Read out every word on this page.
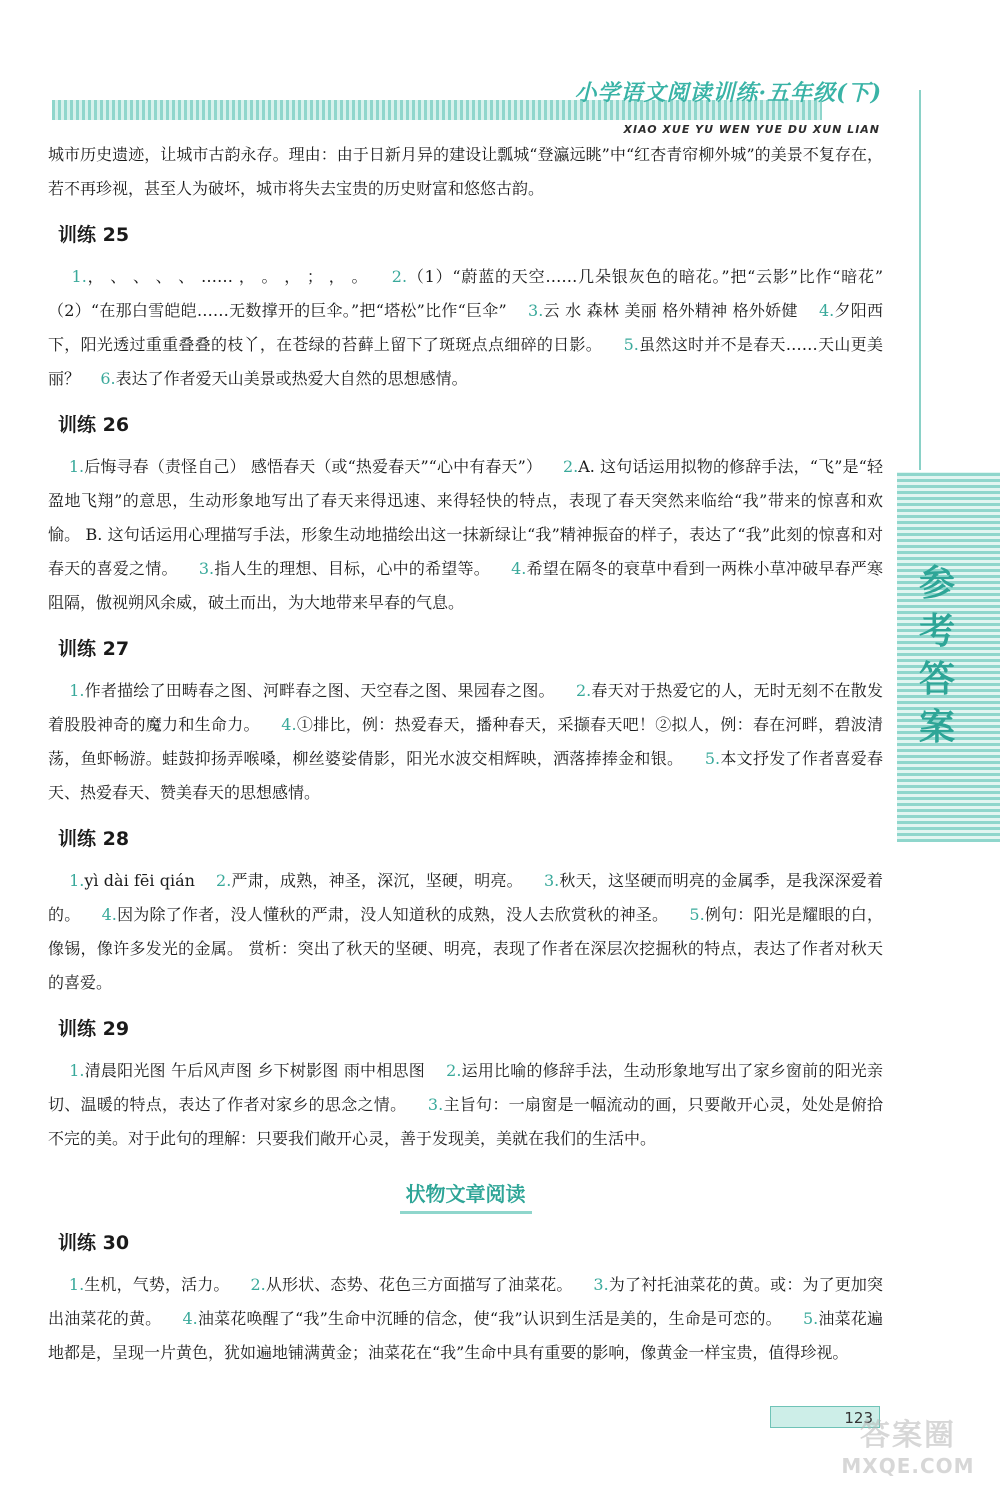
小学语文阅读训练·五年级(下)
XIAO XUE YU WEN YUE DU XUN LIAN
参
考
答
案

城市历史遗迹，让城市古韵永存。理由：由于日新月异的建设让瓢城“登瀛远眺”中“红杏青帘柳外城”的美景不复存在，若不再珍视，甚至人为破坏，城市将失去宝贵的历史财富和悠悠古韵。

训练 25

1.， 、 、 、 、 …… ， 。 ， ； ， 。 2.（1）“蔚蓝的天空……几朵银灰色的暗花。”把“云影”比作“暗花” （2）“在那白雪皑皑……无数撑开的巨伞。”把“塔松”比作“巨伞” 3.云 水 森林 美丽 格外精神 格外娇健 4.夕阳西下，阳光透过重重叠叠的枝丫，在苍绿的苔藓上留下了斑斑点点细碎的日影。 5.虽然这时并不是春天……天山更美丽？ 6.表达了作者爱天山美景或热爱大自然的思想感情。

训练 26

1.后悔寻春（责怪自己） 感悟春天（或“热爱春天”“心中有春天”） 2.A. 这句话运用拟物的修辞手法，“飞”是“轻盈地飞翔”的意思，生动形象地写出了春天来得迅速、来得轻快的特点，表现了春天突然来临给“我”带来的惊喜和欢愉。 B. 这句话运用心理描写手法，形象生动地描绘出这一抹新绿让“我”精神振奋的样子，表达了“我”此刻的惊喜和对春天的喜爱之情。 3.指人生的理想、目标，心中的希望等。 4.希望在隔冬的衰草中看到一两株小草冲破早春严寒阻隔，傲视朔风余威，破土而出，为大地带来早春的气息。

训练 27

1.作者描绘了田畴春之图、河畔春之图、天空春之图、果园春之图。 2.春天对于热爱它的人，无时无刻不在散发着股股神奇的魔力和生命力。 4.①排比，例：热爱春天，播种春天，采撷春天吧！②拟人，例：春在河畔，碧波清荡，鱼虾畅游。蛙鼓抑扬弄喉嗓，柳丝婆娑倩影，阳光水波交相辉映，洒落捧捧金和银。 5.本文抒发了作者喜爱春天、热爱春天、赞美春天的思想感情。

训练 28

1.yì dài fēi qián 2.严肃，成熟，神圣，深沉，坚硬，明亮。 3.秋天，这坚硬而明亮的金属季，是我深深爱着的。 4.因为除了作者，没人懂秋的严肃，没人知道秋的成熟，没人去欣赏秋的神圣。 5.例句：阳光是耀眼的白，像锡，像许多发光的金属。 赏析：突出了秋天的坚硬、明亮，表现了作者在深层次挖掘秋的特点，表达了作者对秋天的喜爱。

训练 29

1.清晨阳光图 午后风声图 乡下树影图 雨中相思图 2.运用比喻的修辞手法，生动形象地写出了家乡窗前的阳光亲切、温暖的特点，表达了作者对家乡的思念之情。 3.主旨句：一扇窗是一幅流动的画，只要敞开心灵，处处是俯拾不完的美。对于此句的理解：只要我们敞开心灵，善于发现美，美就在我们的生活中。

状物文章阅读
训练 30

1.生机，气势，活力。 2.从形状、态势、花色三方面描写了油菜花。 3.为了衬托油菜花的黄。或：为了更加突出油菜花的黄。 4.油菜花唤醒了“我”生命中沉睡的信念，使“我”认识到生活是美的，生命是可恋的。 5.油菜花遍地都是，呈现一片黄色，犹如遍地铺满黄金；油菜花在“我”生命中具有重要的影响，像黄金一样宝贵，值得珍视。

123
答案圈
MXQE.COM
